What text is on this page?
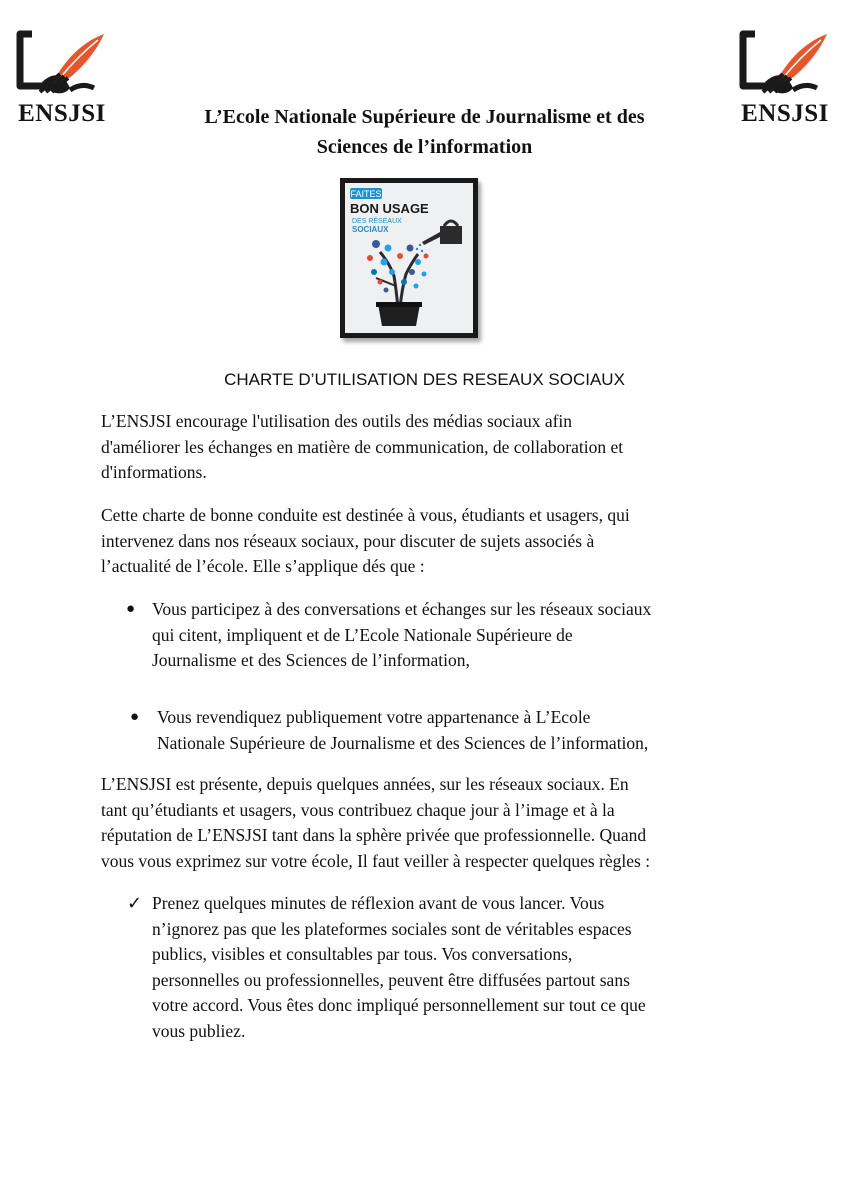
ENSJSI	ENSJSI
L’Ecole Nationale Supérieure de Journalisme et des
Sciences de l’information
FAITES
BON USAGE
DES RÉSEAUX
SOCIAUX
CHARTE D’UTILISATION DES RESEAUX SOCIAUX
L’ENSJSI encourage l'utilisation des outils des médias sociaux afin
d'améliorer les échanges en matière de communication, de collaboration et
d'informations.
Cette charte de bonne conduite est destinée à vous, étudiants et usagers, qui
intervenez dans nos réseaux sociaux, pour discuter de sujets associés à
l’actualité de l’école. Elle s’applique dés que :
● Vous participez à des conversations et échanges sur les réseaux sociaux
qui citent, impliquent et de L’Ecole Nationale Supérieure de
Journalisme et des Sciences de l’information,
● Vous revendiquez publiquement votre appartenance à L’Ecole
Nationale Supérieure de Journalisme et des Sciences de l’information,
L’ENSJSI est présente, depuis quelques années, sur les réseaux sociaux. En
tant qu’étudiants et usagers, vous contribuez chaque jour à l’image et à la
réputation de L’ENSJSI tant dans la sphère privée que professionnelle. Quand
vous vous exprimez sur votre école, Il faut veiller à respecter quelques règles :
✓ Prenez quelques minutes de réflexion avant de vous lancer. Vous
n’ignorez pas que les plateformes sociales sont de véritables espaces
publics, visibles et consultables par tous. Vos conversations,
personnelles ou professionnelles, peuvent être diffusées partout sans
votre accord. Vous êtes donc impliqué personnellement sur tout ce que
vous publiez.
